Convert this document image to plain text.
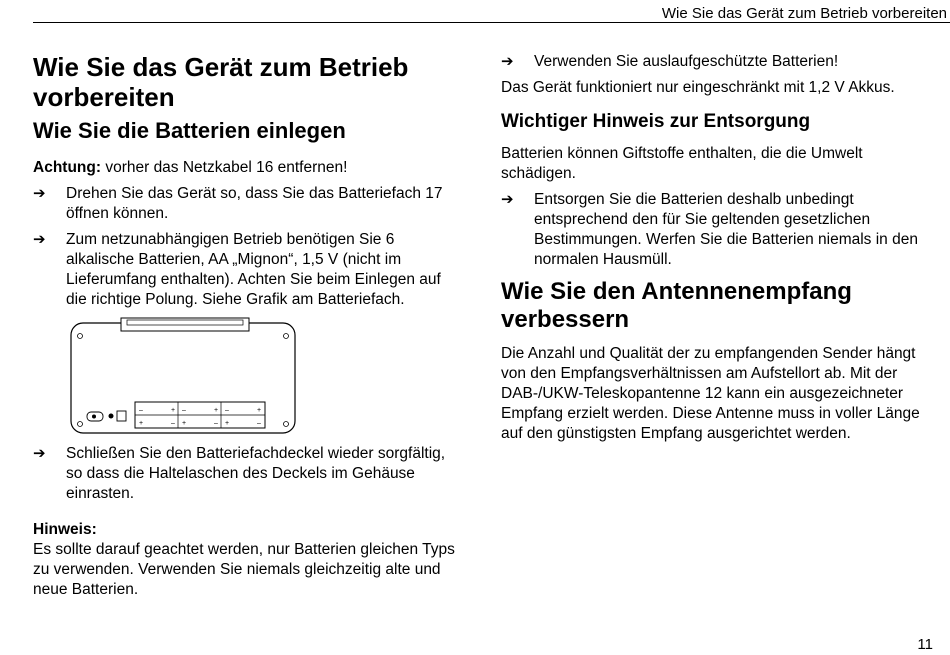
Wie Sie das Gerät zum Betrieb vorbereiten
Wie Sie das Gerät zum Betrieb vorbereiten
Wie Sie die Batterien einlegen

Achtung: vorher das Netzkabel 16 entfernen!

➔	Drehen Sie das Gerät so, dass Sie das Batteriefach 17 öffnen können.
➔	Zum netzunabhängigen Betrieb benötigen Sie 6 alkalische Batterien, AA „Mignon“, 1,5 V (nicht im Lieferumfang enthalten). Achten Sie beim Einlegen auf die richtige Polung. Siehe Grafik am Batteriefach.
–	+ –	+ –	+
+	– +	– +	–
➔	Schließen Sie den Batteriefachdeckel wieder sorgfältig, so dass die Haltelaschen des Deckels im Gehäuse einrasten.

Hinweis:

Es sollte darauf geachtet werden, nur Batterien gleichen Typs zu verwenden. Verwenden Sie niemals gleichzeitig alte und neue Batterien.

➔	Verwenden Sie auslaufgeschützte Batterien!

Das Gerät funktioniert nur eingeschränkt mit 1,2 V Akkus.

Wichtiger Hinweis zur Entsorgung

Batterien können Giftstoffe enthalten, die die Umwelt schädigen.

➔	Entsorgen Sie die Batterien deshalb unbedingt entsprechend den für Sie geltenden gesetzlichen Bestimmungen. Werfen Sie die Batterien niemals in den normalen Hausmüll.
Wie Sie den Antennenempfang verbessern

Die Anzahl und Qualität der zu empfangenden Sender hängt von den Empfangsverhältnissen am Aufstellort ab. Mit der DAB-/UKW-Teleskopantenne 12 kann ein ausgezeichneter Empfang erzielt werden. Diese Antenne muss in voller Länge auf den günstigsten Empfang ausgerichtet werden.

11
